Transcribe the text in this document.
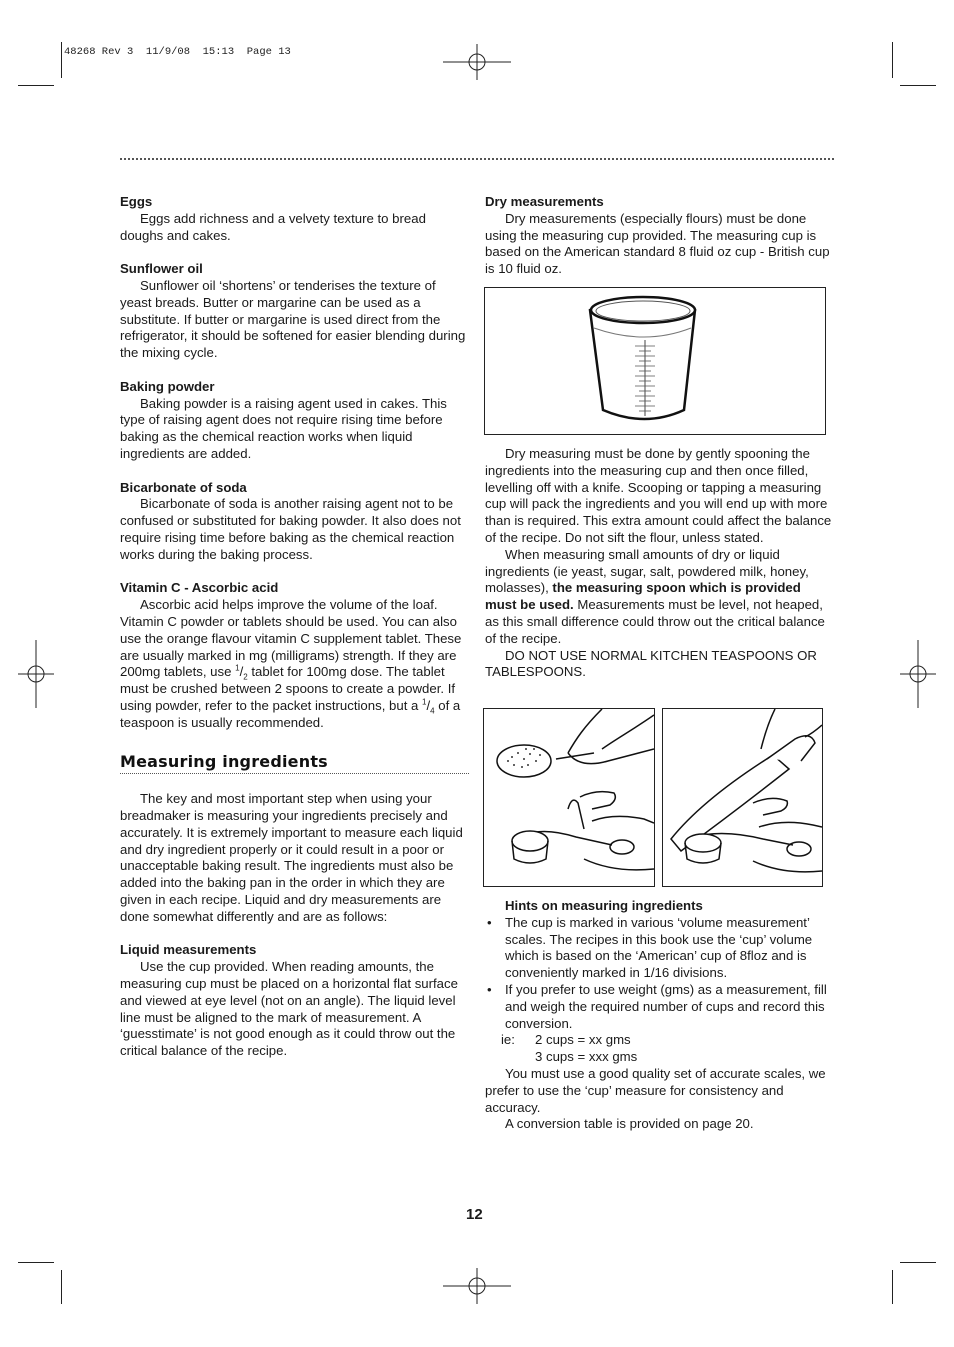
48268 Rev 3  11/9/08  15:13  Page 13

Eggs

Eggs add richness and a velvety texture to bread doughs and cakes.

Sunflower oil

Sunflower oil ‘shortens’ or tenderises the texture of yeast breads. Butter or margarine can be used as a substitute. If butter or margarine is used direct from the refrigerator, it should be softened for easier blending during the mixing cycle.

Baking powder

Baking powder is a raising agent used in cakes. This type of raising agent does not require rising time before baking as the chemical reaction works when liquid ingredients are added.

Bicarbonate of soda

Bicarbonate of soda is another raising agent not to be confused or substituted for baking powder. It also does not require rising time before baking as the chemical reaction works during the baking process.

Vitamin C - Ascorbic acid

Ascorbic acid helps improve the volume of the loaf. Vitamin C powder or tablets should be used. You can also use the orange flavour vitamin C supplement tablet. These are usually marked in mg (milligrams) strength. If they are 200mg tablets, use $^1/_2$ tablet for 100mg dose. The tablet must be crushed between 2 spoons to create a powder. If using powder, refer to the packet instructions, but a $^1/_4$ of a teaspoon is usually recommended.

Measuring ingredients

The key and most important step when using your breadmaker is measuring your ingredients precisely and accurately. It is extremely important to measure each liquid and dry ingredient properly or it could result in a poor or unacceptable baking result. The ingredients must also be added into the baking pan in the order in which they are given in each recipe. Liquid and dry measurements are done somewhat differently and are as follows:

Liquid measurements

Use the cup provided. When reading amounts, the measuring cup must be placed on a horizontal flat surface and viewed at eye level (not on an angle). The liquid level line must be aligned to the mark of measurement. A ‘guesstimate’ is not good enough as it could throw out the critical balance of the recipe.

Dry measurements

Dry measurements (especially flours) must be done using the measuring cup provided. The measuring cup is based on the American standard 8 fluid oz cup - British cup is 10 fluid oz.

Dry measuring must be done by gently spooning the ingredients into the measuring cup and then once filled, levelling off with a knife. Scooping or tapping a measuring cup will pack the ingredients and you will end up with more than is required. This extra amount could affect the balance of the recipe. Do not sift the flour, unless stated.

When measuring small amounts of dry or liquid ingredients (ie yeast, sugar, salt, powdered milk, honey, molasses), the measuring spoon which is provided must be used. Measurements must be level, not heaped, as this small difference could throw out the critical balance of the recipe.

DO NOT USE NORMAL KITCHEN TEASPOONS OR TABLESPOONS.

Hints on measuring ingredients

• The cup is marked in various ‘volume measurement’ scales. The recipes in this book use the ‘cup’ volume which is based on the ‘American’ cup of 8floz and is conveniently marked in 1/16 divisions.
• If you prefer to use weight (gms) as a measurement, fill and weigh the required number of cups and record this conversion.
ie: 2 cups = xx gms
3 cups = xxx gms

You must use a good quality set of accurate scales, we prefer to use the ‘cup’ measure for consistency and accuracy.

A conversion table is provided on page 20.

12
